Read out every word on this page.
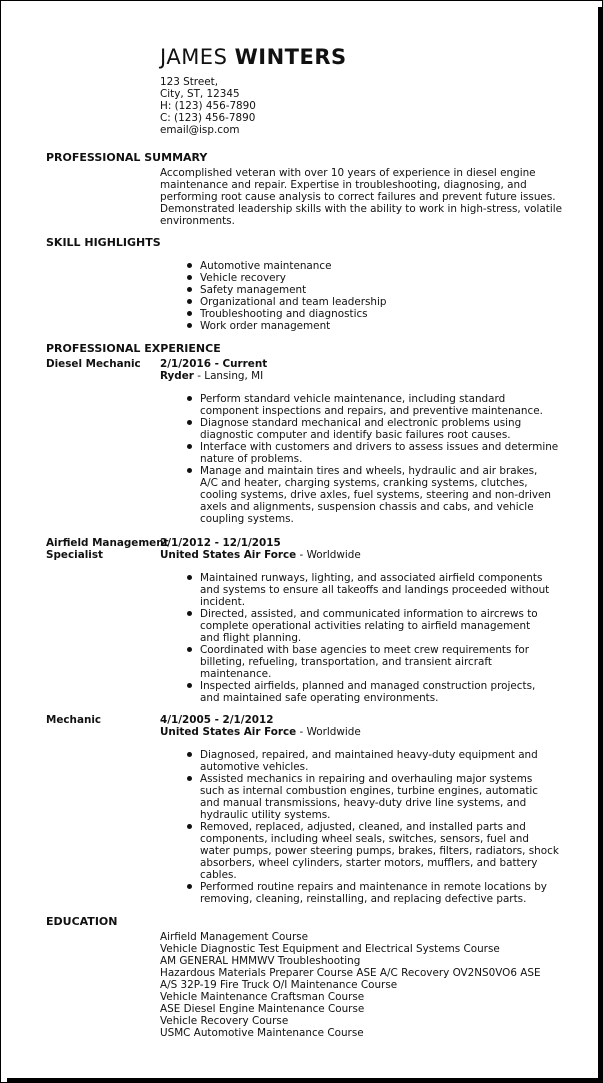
JAMES WINTERS
123 Street,
City, ST, 12345
H: (123) 456-7890
C: (123) 456-7890
email@isp.com
PROFESSIONAL SUMMARY
Accomplished veteran with over 10 years of experience in diesel engine
maintenance and repair. Expertise in troubleshooting, diagnosing, and
performing root cause analysis to correct failures and prevent future issues.
Demonstrated leadership skills with the ability to work in high-stress, volatile
environments.
SKILL HIGHLIGHTS
Automotive maintenance
Vehicle recovery
Safety management
Organizational and team leadership
Troubleshooting and diagnostics
Work order management
PROFESSIONAL EXPERIENCE
Diesel Mechanic	2/1/2016 - Current
Ryder - Lansing, MI
Perform standard vehicle maintenance, including standard
component inspections and repairs, and preventive maintenance.
Diagnose standard mechanical and electronic problems using
diagnostic computer and identify basic failures root causes.
Interface with customers and drivers to assess issues and determine
nature of problems.
Manage and maintain tires and wheels, hydraulic and air brakes,
A/C and heater, charging systems, cranking systems, clutches,
cooling systems, drive axles, fuel systems, steering and non-driven
axels and alignments, suspension chassis and cabs, and vehicle
coupling systems.
Airfield Management
Specialist
2/1/2012 - 12/1/2015
United States Air Force - Worldwide
Maintained runways, lighting, and associated airfield components
and systems to ensure all takeoffs and landings proceeded without
incident.
Directed, assisted, and communicated information to aircrews to
complete operational activities relating to airfield management
and flight planning.
Coordinated with base agencies to meet crew requirements for
billeting, refueling, transportation, and transient aircraft
maintenance.
Inspected airfields, planned and managed construction projects,
and maintained safe operating environments.
Mechanic	4/1/2005 - 2/1/2012
United States Air Force - Worldwide
Diagnosed, repaired, and maintained heavy-duty equipment and
automotive vehicles.
Assisted mechanics in repairing and overhauling major systems
such as internal combustion engines, turbine engines, automatic
and manual transmissions, heavy-duty drive line systems, and
hydraulic utility systems.
Removed, replaced, adjusted, cleaned, and installed parts and
components, including wheel seals, switches, sensors, fuel and
water pumps, power steering pumps, brakes, filters, radiators, shock
absorbers, wheel cylinders, starter motors, mufflers, and battery
cables.
Performed routine repairs and maintenance in remote locations by
removing, cleaning, reinstalling, and replacing defective parts.
EDUCATION
Airfield Management Course
Vehicle Diagnostic Test Equipment and Electrical Systems Course
AM GENERAL HMMWV Troubleshooting
Hazardous Materials Preparer Course ASE A/C Recovery OV2NS0VO6 ASE
A/S 32P-19 Fire Truck O/I Maintenance Course
Vehicle Maintenance Craftsman Course
ASE Diesel Engine Maintenance Course
Vehicle Recovery Course
USMC Automotive Maintenance Course
